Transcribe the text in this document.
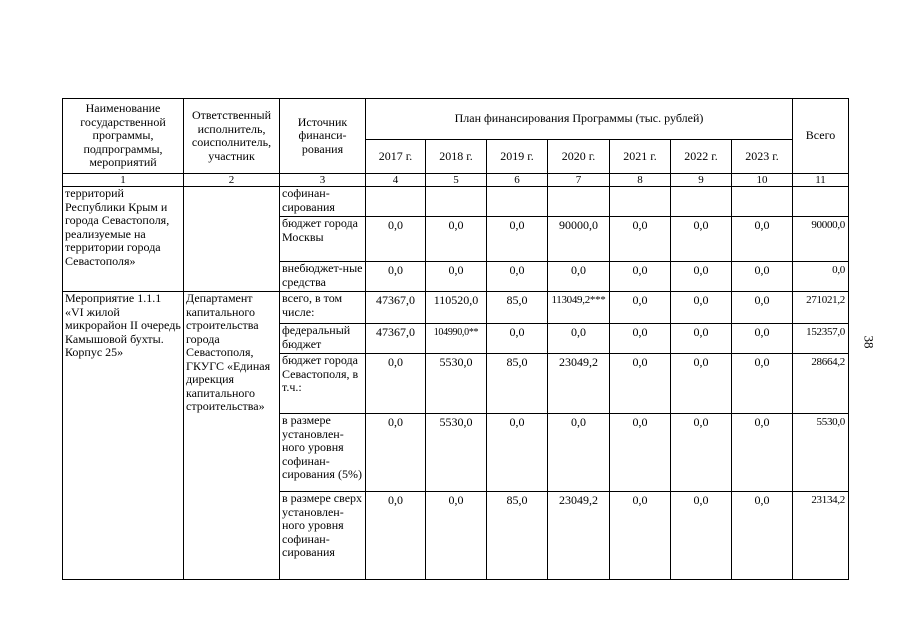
Наименование государственной программы, подпрограммы, мероприятий	Ответственный исполнитель, соисполнитель, участник	Источник финанси-рования	План финансирования Программы (тыс. рублей)							Всего
			2017 г.	2018 г.	2019 г.	2020 г.	2021 г.	2022 г.	2023 г.	
1	2	3	4	5	6	7	8	9	10	11
территорий Республики Крым и города Севастополя, реализуемые на территории города Севастополя»		софинан-сирования								
		бюджет города Москвы	0,0	0,0	0,0	90000,0	0,0	0,0	0,0	90000,0
		внебюджет-ные средства	0,0	0,0	0,0	0,0	0,0	0,0	0,0	0,0
Мероприятие 1.1.1 «VI жилой микрорайон II очередь Камышовой бухты. Корпус 25»	Департамент капитального строительства города Севастополя, ГКУГС «Единая дирекция капитального строительства»	всего, в том числе:	47367,0	110520,0	85,0	113049,2***	0,0	0,0	0,0	271021,2
		федеральный бюджет	47367,0	104990,0**	0,0	0,0	0,0	0,0	0,0	152357,0
		бюджет города Севастополя, в т.ч.:	0,0	5530,0	85,0	23049,2	0,0	0,0	0,0	28664,2
		в размере установлен-ного уровня софинан-сирования (5%)	0,0	5530,0	0,0	0,0	0,0	0,0	0,0	5530,0
		в размере сверх установлен-ного уровня софинан-сирования	0,0	0,0	85,0	23049,2	0,0	0,0	0,0	23134,2
38
